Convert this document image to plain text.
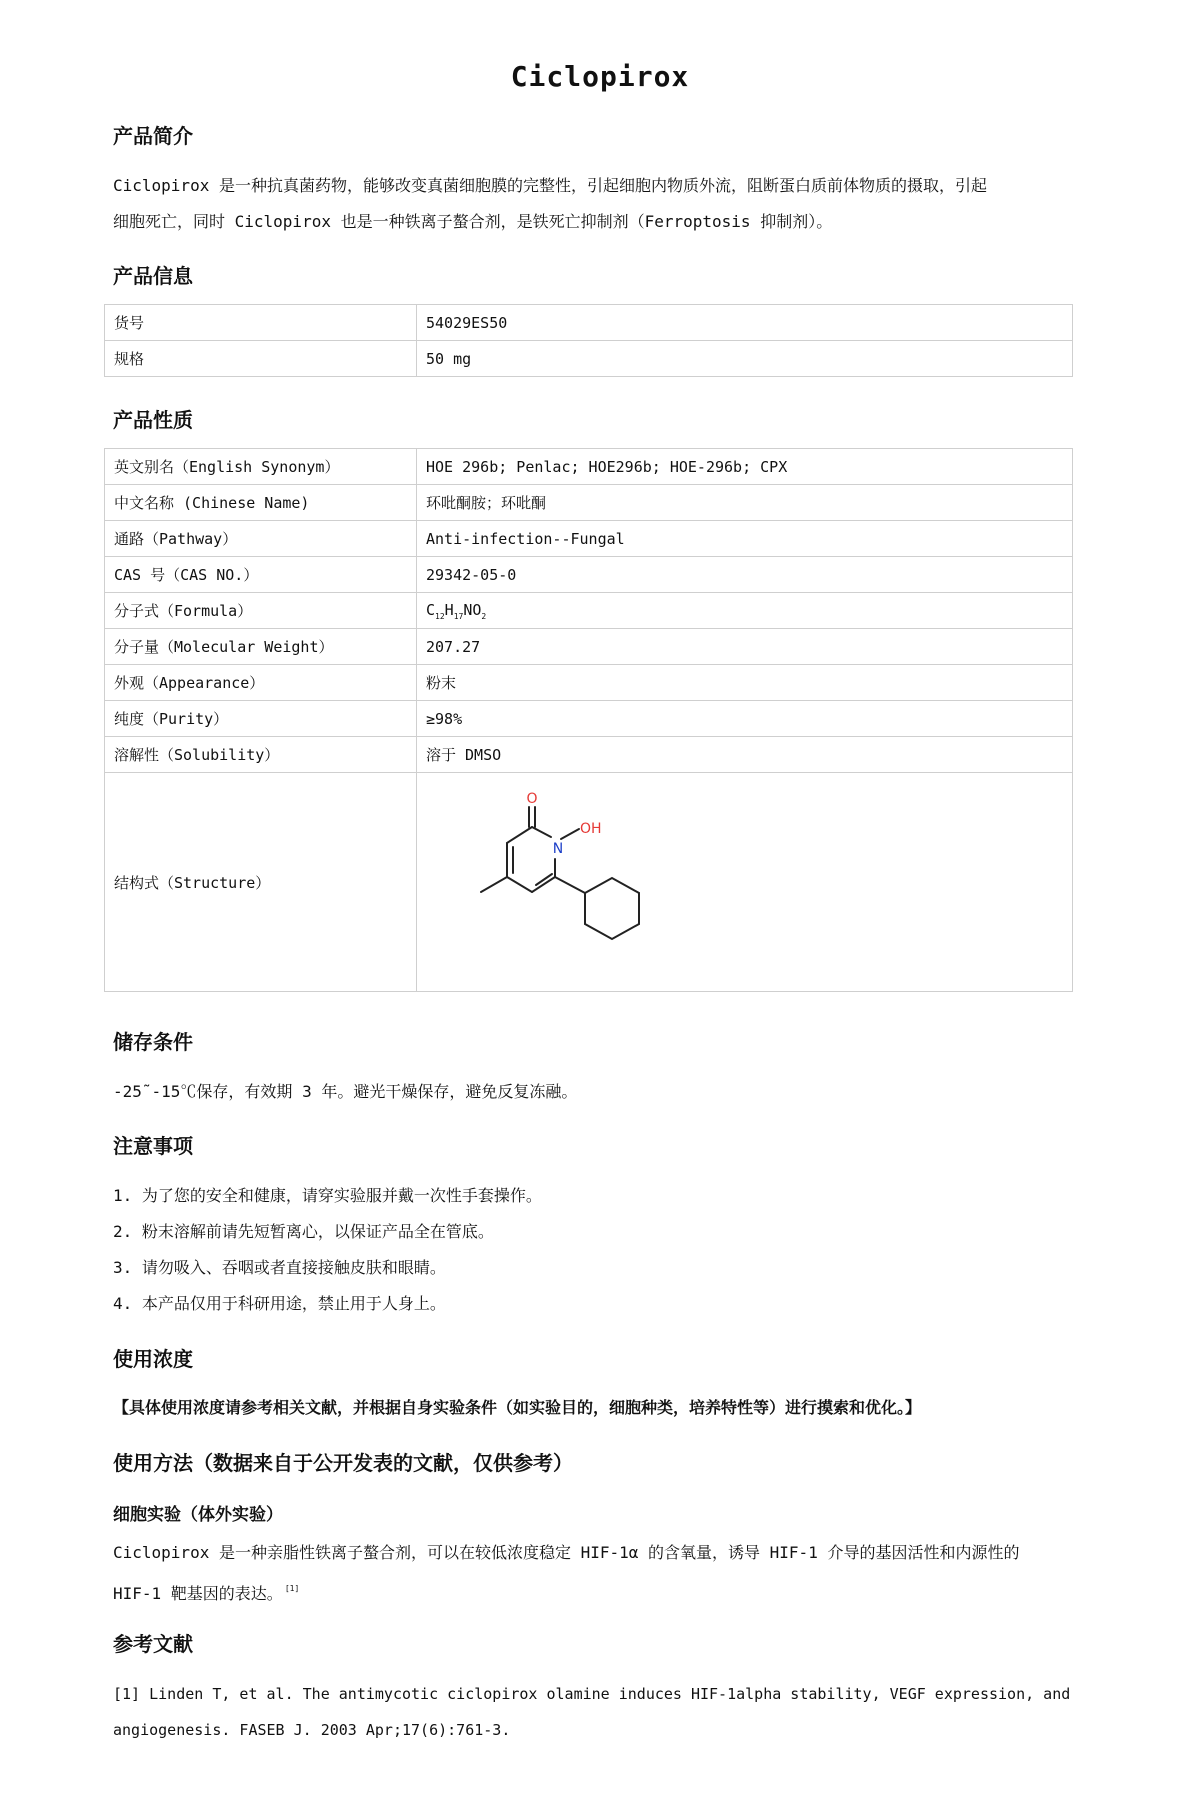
Ciclopirox
产品简介
Ciclopirox 是一种抗真菌药物，能够改变真菌细胞膜的完整性，引起细胞内物质外流，阻断蛋白质前体物质的摄取，引起
细胞死亡，同时 Ciclopirox 也是一种铁离子螯合剂，是铁死亡抑制剂（Ferroptosis 抑制剂）。
产品信息
货号	54029ES50
规格	50 mg
产品性质
英文别名（English Synonym）	HOE 296b; Penlac; HOE296b; HOE-296b; CPX
中文名称 (Chinese Name)	环吡酮胺；环吡酮
通路（Pathway）	Anti-infection--Fungal
CAS 号（CAS NO.）	29342-05-0
分子式（Formula）	$C_{12}H_{17}NO_2$
分子量（Molecular Weight）	207.27
外观（Appearance）	粉末
纯度（Purity）	≥98%
溶解性（Solubility）	溶于 DMSO
结构式（Structure）	O
N
OH
储存条件
-25˜-15℃保存，有效期 3 年。避光干燥保存，避免反复冻融。
注意事项
1. 为了您的安全和健康，请穿实验服并戴一次性手套操作。
2. 粉末溶解前请先短暂离心，以保证产品全在管底。
3. 请勿吸入、吞咽或者直接接触皮肤和眼睛。
4. 本产品仅用于科研用途，禁止用于人身上。
使用浓度
【具体使用浓度请参考相关文献，并根据自身实验条件（如实验目的，细胞种类，培养特性等）进行摸索和优化。】
使用方法（数据来自于公开发表的文献，仅供参考）
细胞实验（体外实验）
Ciclopirox 是一种亲脂性铁离子螯合剂，可以在较低浓度稳定 HIF-1α 的含氧量，诱导 HIF-1 介导的基因活性和内源性的
HIF-1 靶基因的表达。 [1]
参考文献
[1] Linden T, et al. The antimycotic ciclopirox olamine induces HIF-1alpha stability, VEGF expression, and
angiogenesis. FASEB J. 2003 Apr;17(6):761-3.
